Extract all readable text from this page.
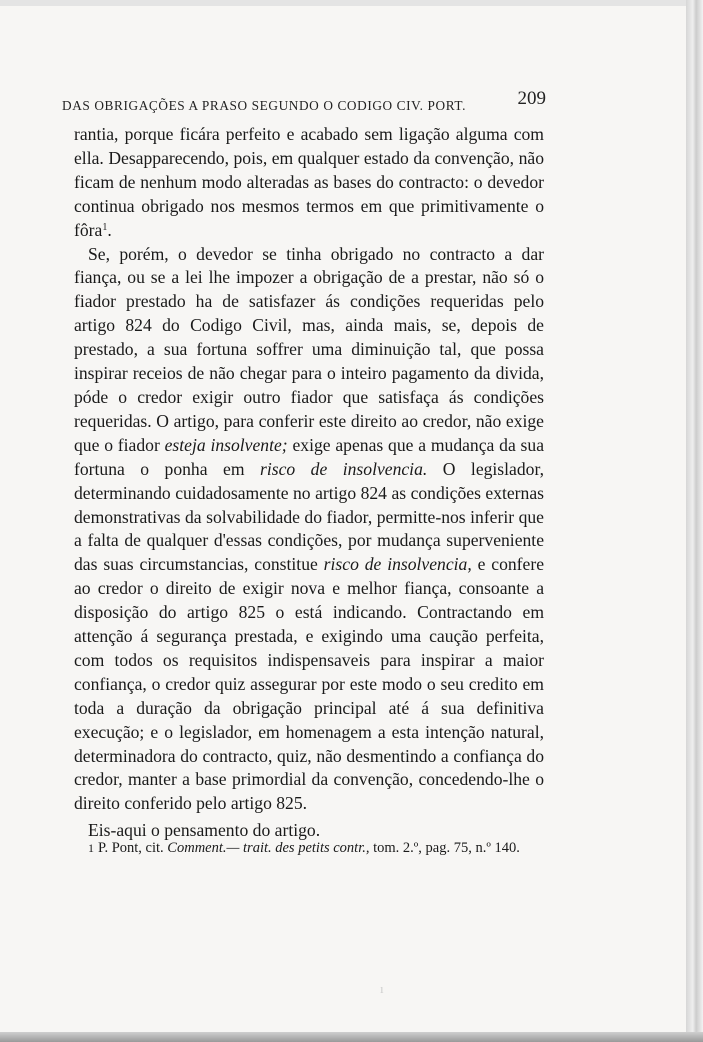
DAS OBRIGAÇÕES A PRASO SEGUNDO O CODIGO CIV. PORT.	209

rantia, porque ficára perfeito e acabado sem ligação alguma com ella. Desapparecendo, pois, em qualquer estado da convenção, não ficam de nenhum modo alteradas as bases do contracto: o devedor continua obrigado nos mesmos termos em que primitivamente o fôra$^1$.

Se, porém, o devedor se tinha obrigado no contracto a dar fiança, ou se a lei lhe impozer a obrigação de a prestar, não só o fiador prestado ha de satisfazer ás condições requeridas pelo artigo 824 do Codigo Civil, mas, ainda mais, se, depois de prestado, a sua fortuna soffrer uma diminuição tal, que possa inspirar receios de não chegar para o inteiro pagamento da divida, póde o credor exigir outro fiador que satisfaça ás condições requeridas. O artigo, para conferir este direito ao credor, não exige que o fiador esteja insolvente; exige apenas que a mudança da sua fortuna o ponha em risco de insolvencia. O legislador, determinando cuidadosamente no artigo 824 as condições externas demonstrativas da solvabilidade do fiador, permitte-nos inferir que a falta de qualquer d'essas condições, por mudança superveniente das suas circumstancias, constitue risco de insolvencia, e confere ao credor o direito de exigir nova e melhor fiança, consoante a disposição do artigo 825 o está indicando. Contractando em attenção á segurança prestada, e exigindo uma caução perfeita, com todos os requisitos indispensaveis para inspirar a maior confiança, o credor quiz assegurar por este modo o seu credito em toda a duração da obrigação principal até á sua definitiva execução; e o legislador, em homenagem a esta intenção natural, determinadora do contracto, quiz, não desmentindo a confiança do credor, manter a base primordial da convenção, concedendo-lhe o direito conferido pelo artigo 825.

Eis-aqui o pensamento do artigo.

1 P. Pont, cit. Comment.— trait. des petits contr., tom. 2.º, pag. 75, n.º 140.
ı
